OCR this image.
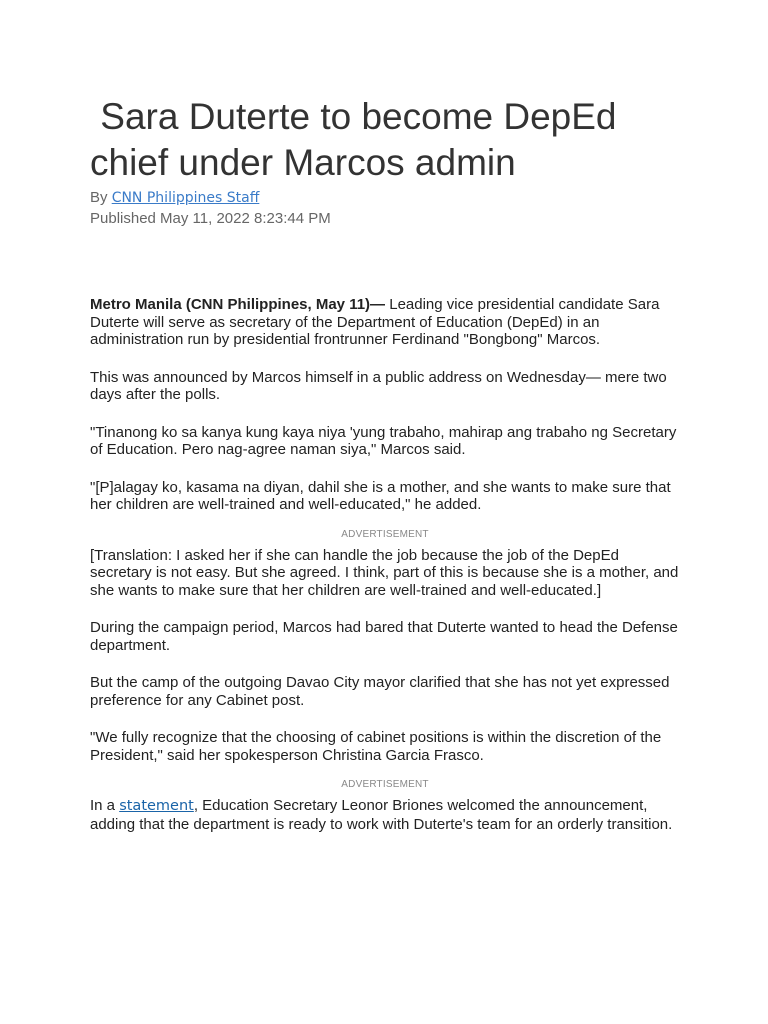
Sara Duterte to become DepEd chief under Marcos admin
By CNN Philippines Staff
Published May 11, 2022 8:23:44 PM

Metro Manila (CNN Philippines, May 11)— Leading vice presidential candidate Sara Duterte will serve as secretary of the Department of Education (DepEd) in an administration run by presidential frontrunner Ferdinand "Bongbong" Marcos.

This was announced by Marcos himself in a public address on Wednesday— mere two days after the polls.

"Tinanong ko sa kanya kung kaya niya 'yung trabaho, mahirap ang trabaho ng Secretary of Education. Pero nag-agree naman siya," Marcos said.

"[P]alagay ko, kasama na diyan, dahil she is a mother, and she wants to make sure that her children are well-trained and well-educated," he added.

ADVERTISEMENT

[Translation: I asked her if she can handle the job because the job of the DepEd secretary is not easy. But she agreed. I think, part of this is because she is a mother, and she wants to make sure that her children are well-trained and well-educated.]

During the campaign period, Marcos had bared that Duterte wanted to head the Defense department.

But the camp of the outgoing Davao City mayor clarified that she has not yet expressed preference for any Cabinet post.

"We fully recognize that the choosing of cabinet positions is within the discretion of the President," said her spokesperson Christina Garcia Frasco.

ADVERTISEMENT

In a statement, Education Secretary Leonor Briones welcomed the announcement, adding that the department is ready to work with Duterte's team for an orderly transition.
